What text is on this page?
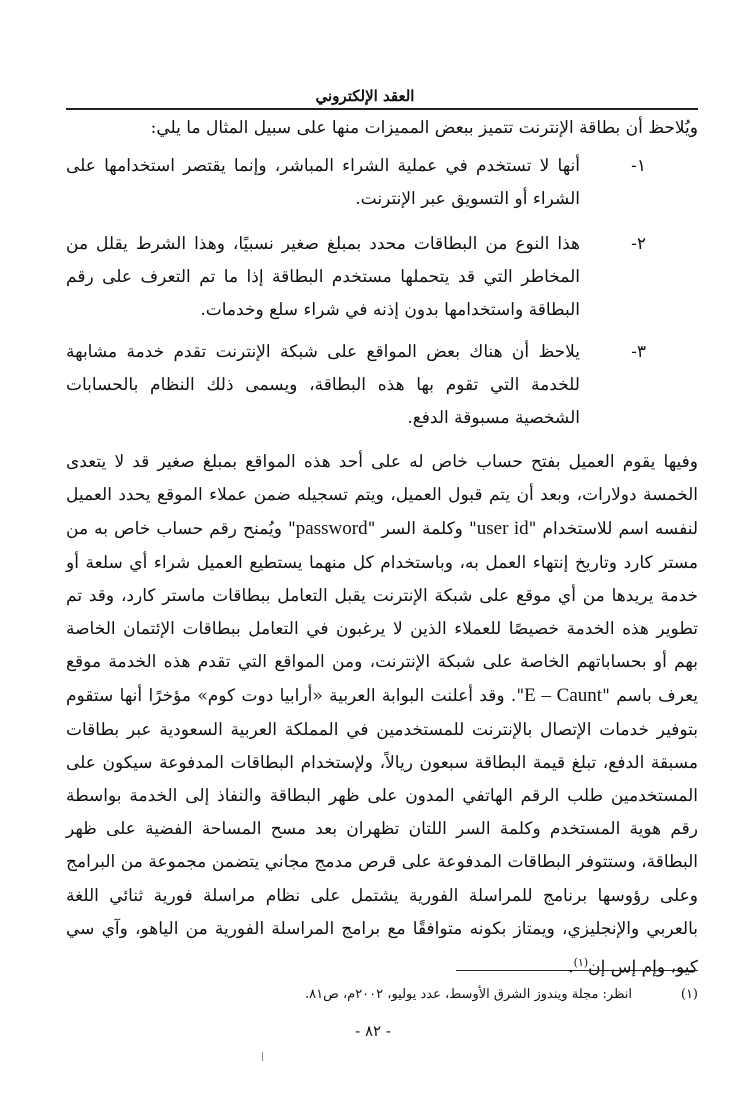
العقد الإلكتروني
ويُلاحظ أن بطاقة الإنترنت تتميز ببعض المميزات منها على سبيل المثال ما يلي:
١-
أنها لا تستخدم في عملية الشراء المباشر، وإنما يقتصر استخدامها على الشراء أو التسويق عبر الإنترنت.
٢-
هذا النوع من البطاقات محدد بمبلغ صغير نسبيًا، وهذا الشرط يقلل من المخاطر التي قد يتحملها مستخدم البطاقة إذا ما تم التعرف على رقم البطاقة واستخدامها بدون إذنه في شراء سلع وخدمات.
٣-
يلاحظ أن هناك بعض المواقع على شبكة الإنترنت تقدم خدمة مشابهة للخدمة التي تقوم بها هذه البطاقة، ويسمى ذلك النظام بالحسابات الشخصية مسبوقة الدفع.
وفيها يقوم العميل بفتح حساب خاص له على أحد هذه المواقع بمبلغ صغير قد لا يتعدى الخمسة دولارات، وبعد أن يتم قبول العميل، ويتم تسجيله ضمن عملاء الموقع يحدد العميل لنفسه اسم للاستخدام "user id" وكلمة السر "password" ويُمنح رقم حساب خاص به من مستر كارد وتاريخ إنتهاء العمل به، وباستخدام كل منهما يستطيع العميل شراء أي سلعة أو خدمة يريدها من أي موقع على شبكة الإنترنت يقبل التعامل ببطاقات ماستر كارد، وقد تم تطوير هذه الخدمة خصيصًا للعملاء الذين لا يرغبون في التعامل ببطاقات الإئتمان الخاصة بهم أو بحساباتهم الخاصة على شبكة الإنترنت، ومن المواقع التي تقدم هذه الخدمة موقع يعرف باسم "E – Caunt". وقد أعلنت البوابة العربية «أرابيا دوت كوم» مؤخرًا أنها ستقوم بتوفير خدمات الإتصال بالإنترنت للمستخدمين في المملكة العربية السعودية عبر بطاقات مسبقة الدفع، تبلغ قيمة البطاقة سبعون ريالاً، ولإستخدام البطاقات المدفوعة سيكون على المستخدمين طلب الرقم الهاتفي المدون على ظهر البطاقة والنفاذ إلى الخدمة بواسطة رقم هوية المستخدم وكلمة السر اللتان تظهران بعد مسح المساحة الفضية على ظهر البطاقة، وستتوفر البطاقات المدفوعة على قرص مدمج مجاني يتضمن مجموعة من البرامج وعلى رؤوسها برنامج للمراسلة الفورية يشتمل على نظام مراسلة فورية ثنائي اللغة بالعربي والإنجليزي، ويمتاز بكونه متوافقًا مع برامج المراسلة الفورية من الياهو، وآي سي كيو، وإم إس إن$^{(١)}$.
(١)
انظر: مجلة ويندوز الشرق الأوسط، عدد يوليو، ٢٠٠٢م، ص٨١.
- ٨٢ -
